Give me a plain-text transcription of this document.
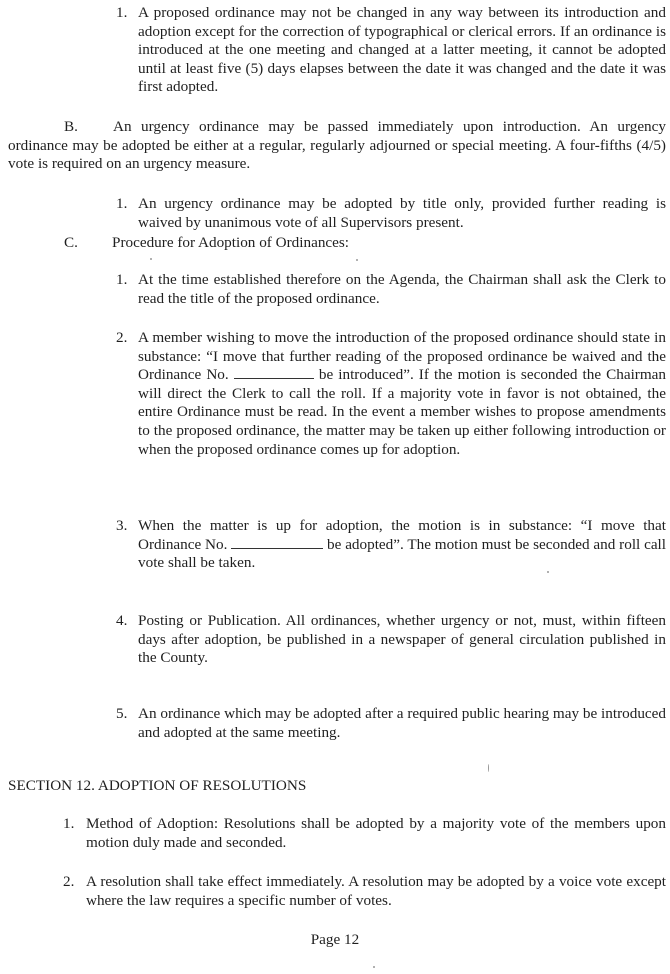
1. A proposed ordinance may not be changed in any way between its introduction and adoption except for the correction of typographical or clerical errors. If an ordinance is introduced at the one meeting and changed at a latter meeting, it cannot be adopted until at least five (5) days elapses between the date it was changed and the date it was first adopted.
B.	An urgency ordinance may be passed immediately upon introduction. An urgency ordinance may be adopted be either at a regular, regularly adjourned or special meeting. A four-fifths (4/5) vote is required on an urgency measure.
1. An urgency ordinance may be adopted by title only, provided further reading is waived by unanimous vote of all Supervisors present.
C. Procedure for Adoption of Ordinances:
1. At the time established therefore on the Agenda, the Chairman shall ask the Clerk to read the title of the proposed ordinance.
2. A member wishing to move the introduction of the proposed ordinance should state in substance: “I move that further reading of the proposed ordinance be waived and the Ordinance No.	be introduced”. If the motion is seconded the Chairman will direct the Clerk to call the roll. If a majority vote in favor is not obtained, the entire Ordinance must be read. In the event a member wishes to propose amendments to the proposed ordinance, the matter may be taken up either following introduction or when the proposed ordinance comes up for adoption.
3. When the matter is up for adoption, the motion is in substance: “I move that Ordinance No.	be adopted”. The motion must be seconded and roll call vote shall be taken.
4. Posting or Publication. All ordinances, whether urgency or not, must, within fifteen days after adoption, be published in a newspaper of general circulation published in the County.
5. An ordinance which may be adopted after a required public hearing may be introduced and adopted at the same meeting.
SECTION 12. ADOPTION OF RESOLUTIONS
1. Method of Adoption: Resolutions shall be adopted by a majority vote of the members upon motion duly made and seconded.
2. A resolution shall take effect immediately. A resolution may be adopted by a voice vote except where the law requires a specific number of votes.
Page 12
